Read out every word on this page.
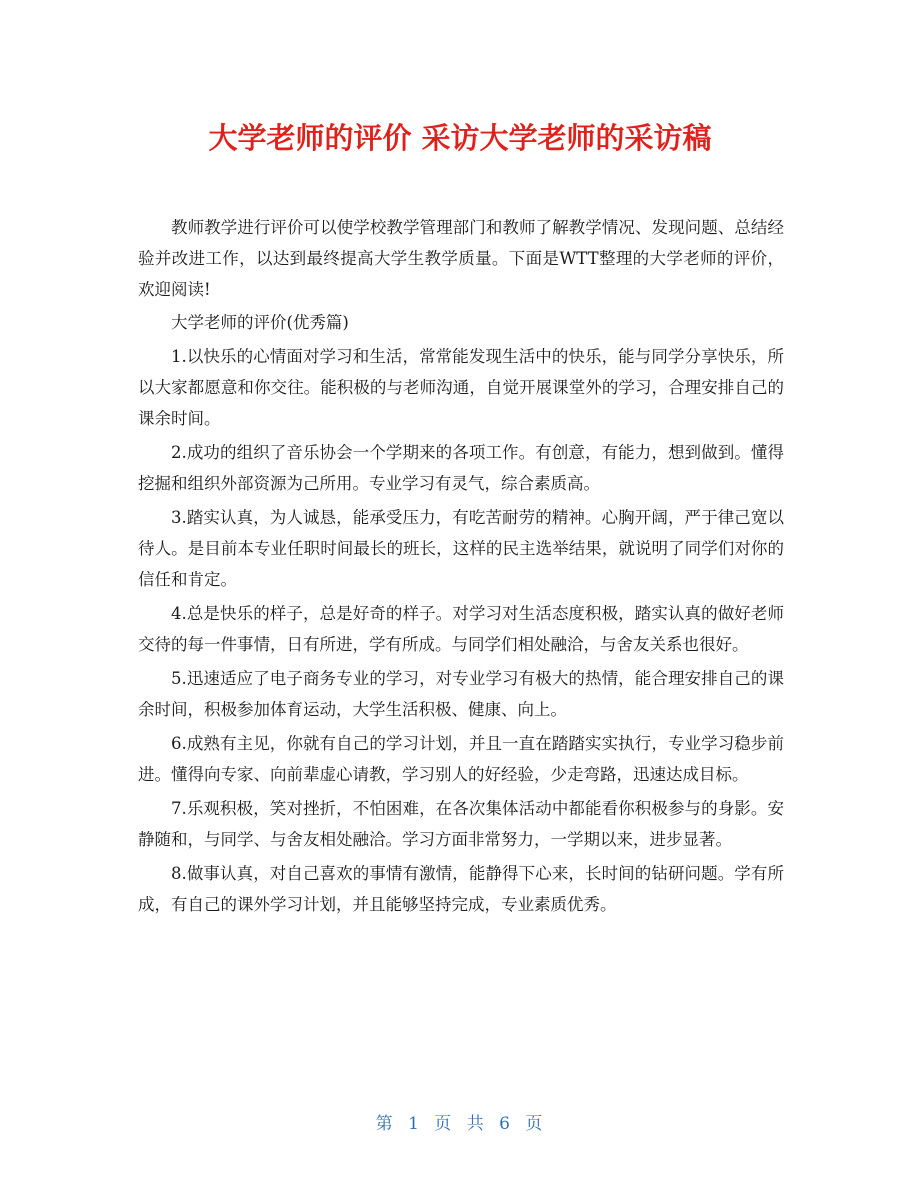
大学老师的评价 采访大学老师的采访稿

教师教学进行评价可以使学校教学管理部门和教师了解教学情况、发现问题、总结经验并改进工作，以达到最终提高大学生教学质量。下面是WTT整理的大学老师的评价，欢迎阅读!

大学老师的评价(优秀篇)

1.以快乐的心情面对学习和生活，常常能发现生活中的快乐，能与同学分享快乐，所以大家都愿意和你交往。能积极的与老师沟通，自觉开展课堂外的学习，合理安排自己的课余时间。

2.成功的组织了音乐协会一个学期来的各项工作。有创意，有能力，想到做到。懂得挖掘和组织外部资源为己所用。专业学习有灵气，综合素质高。

3.踏实认真，为人诚恳，能承受压力，有吃苦耐劳的精神。心胸开阔，严于律己宽以待人。是目前本专业任职时间最长的班长，这样的民主选举结果，就说明了同学们对你的信任和肯定。

4.总是快乐的样子，总是好奇的样子。对学习对生活态度积极，踏实认真的做好老师交待的每一件事情，日有所进，学有所成。与同学们相处融洽，与舍友关系也很好。

5.迅速适应了电子商务专业的学习，对专业学习有极大的热情，能合理安排自己的课余时间，积极参加体育运动，大学生活积极、健康、向上。

6.成熟有主见，你就有自己的学习计划，并且一直在踏踏实实执行，专业学习稳步前进。懂得向专家、向前辈虚心请教，学习别人的好经验，少走弯路，迅速达成目标。

7.乐观积极，笑对挫折，不怕困难，在各次集体活动中都能看你积极参与的身影。安静随和，与同学、与舍友相处融洽。学习方面非常努力，一学期以来，进步显著。

8.做事认真，对自己喜欢的事情有激情，能静得下心来，长时间的钻研问题。学有所成，有自己的课外学习计划，并且能够坚持完成，专业素质优秀。

第 1 页 共 6 页
